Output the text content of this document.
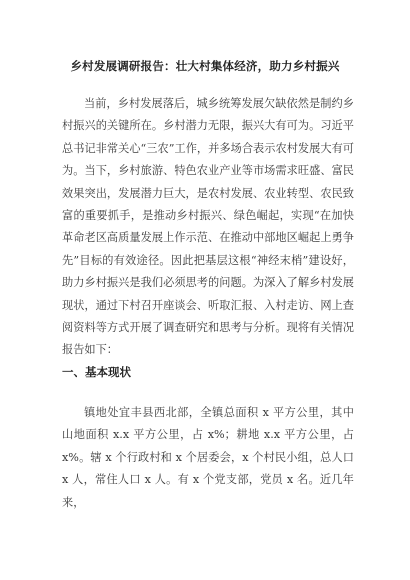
乡村发展调研报告：壮大村集体经济，助力乡村振兴

当前，乡村发展落后，城乡统筹发展欠缺依然是制约乡村振兴的关键所在。乡村潜力无限，振兴大有可为。习近平总书记非常关心“三农”工作，并多场合表示农村发展大有可为。当下，乡村旅游、特色农业产业等市场需求旺盛、富民效果突出，发展潜力巨大，是农村发展、农业转型、农民致富的重要抓手，是推动乡村振兴、绿色崛起，实现“在加快革命老区高质量发展上作示范、在推动中部地区崛起上勇争先”目标的有效途径。因此把基层这根“神经末梢”建设好，助力乡村振兴是我们必须思考的问题。为深入了解乡村发展现状，通过下村召开座谈会、听取汇报、入村走访、网上查阅资料等方式开展了调查研究和思考与分析。现将有关情况报告如下：

一、基本现状

镇地处宜丰县西北部，全镇总面积 x 平方公里，其中山地面积 x.x 平方公里，占 x%；耕地 x.x 平方公里，占 x%。辖 x 个行政村和 x 个居委会，x 个村民小组，总人口 x 人，常住人口 x 人。有 x 个党支部，党员 x 名。近几年来，
